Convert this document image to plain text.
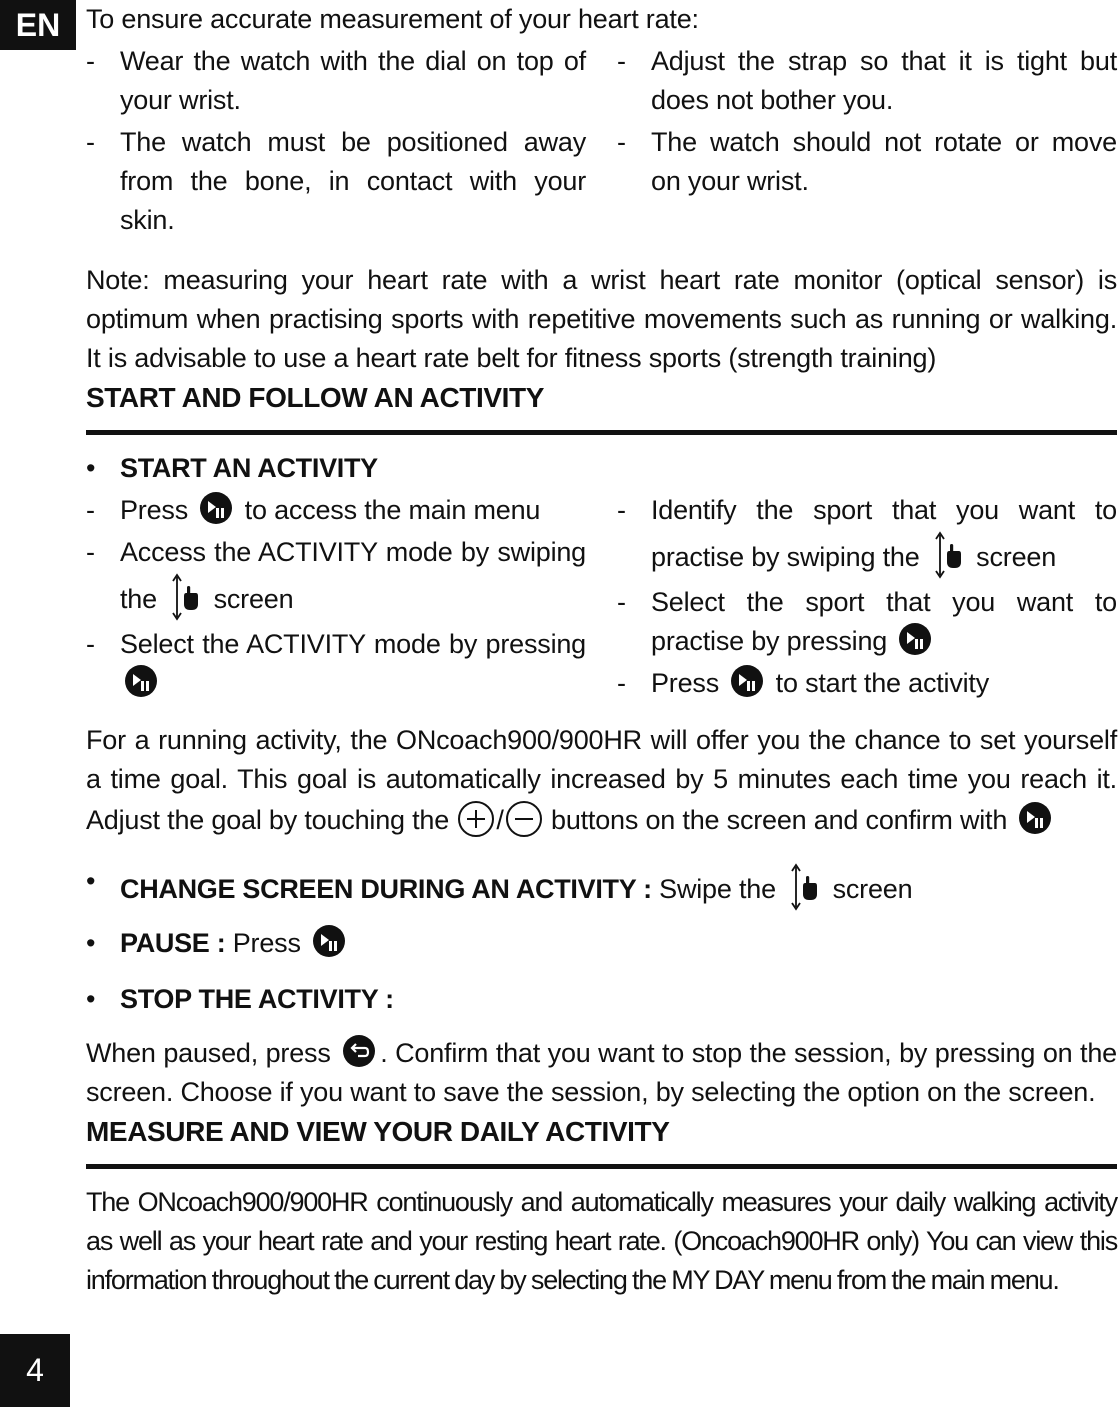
EN
4

To ensure accurate measurement of your heart rate:

- Wear the watch with the dial on top of your wrist.
- The watch must be positioned away from the bone, in contact with your skin.
- Adjust the strap so that it is tight but does not bother you.
- The watch should not rotate or move on your wrist.

Note: measuring your heart rate with a wrist heart rate monitor (optical sensor) is optimum when practising sports with repetitive movements such as running or walking. It is advisable to use a heart rate belt for fitness sports (strength training)

START AND FOLLOW AN ACTIVITY

• START AN ACTIVITY

- Press to access the main menu
- Access the ACTIVITY mode by swiping the screen
- Select the ACTIVITY mode by pressing
- Identify the sport that you want to practise by swiping the screen
- Select the sport that you want to practise by pressing
- Press to start the activity

For a running activity, the ONcoach900/900HR will offer you the chance to set yourself a time goal. This goal is automatically increased by 5 minutes each time you reach it. Adjust the goal by touching the / buttons on the screen and confirm with

• CHANGE SCREEN DURING AN ACTIVITY : Swipe the screen

• PAUSE : Press

• STOP THE ACTIVITY :

When paused, press . Confirm that you want to stop the session, by pressing on the screen. Choose if you want to save the session, by selecting the option on the screen.

MEASURE AND VIEW YOUR DAILY ACTIVITY

The ONcoach900/900HR continuously and automatically measures your daily walking activity as well as your heart rate and your resting heart rate. (Oncoach900HR only) You can view this information throughout the current day by selecting the MY DAY menu from the main menu.
